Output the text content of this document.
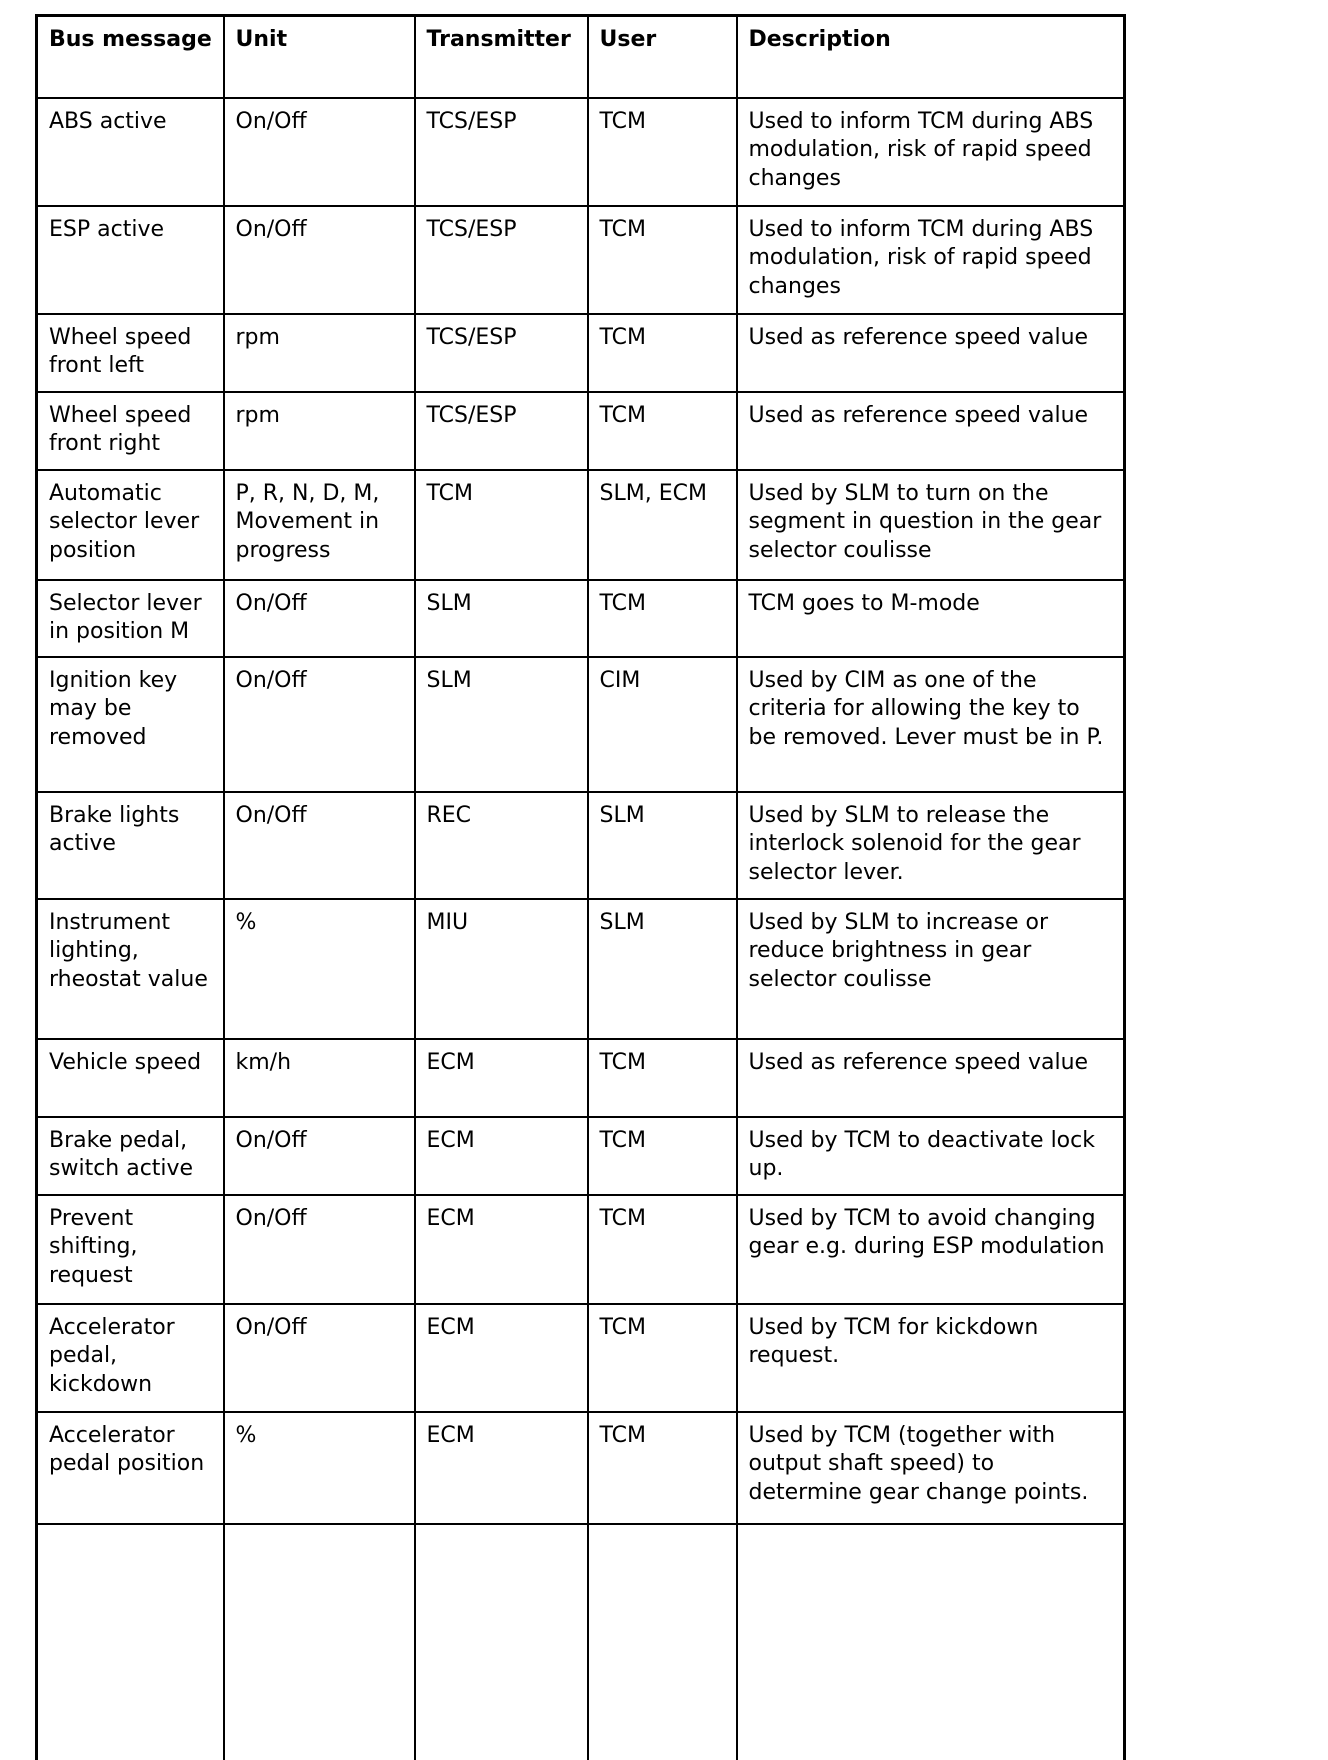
Bus message	Unit	Transmitter	User	Description
ABS active	On/Off	TCS/ESP	TCM	Used to inform TCM during ABS modulation, risk of rapid speed changes
ESP active	On/Off	TCS/ESP	TCM	Used to inform TCM during ABS modulation, risk of rapid speed changes
Wheel speed front left	rpm	TCS/ESP	TCM	Used as reference speed value
Wheel speed front right	rpm	TCS/ESP	TCM	Used as reference speed value
Automatic selector lever position	P, R, N, D, M, Movement in progress	TCM	SLM, ECM	Used by SLM to turn on the segment in question in the gear selector coulisse
Selector lever in position M	On/Off	SLM	TCM	TCM goes to M-mode
Ignition key may be removed	On/Off	SLM	CIM	Used by CIM as one of the criteria for allowing the key to be removed. Lever must be in P.
Brake lights active	On/Off	REC	SLM	Used by SLM to release the interlock solenoid for the gear selector lever.
Instrument lighting, rheostat value	%	MIU	SLM	Used by SLM to increase or reduce brightness in gear selector coulisse
Vehicle speed	km/h	ECM	TCM	Used as reference speed value
Brake pedal, switch active	On/Off	ECM	TCM	Used by TCM to deactivate lock up.
Prevent shifting, request	On/Off	ECM	TCM	Used by TCM to avoid changing gear e.g. during ESP modulation
Accelerator pedal, kickdown	On/Off	ECM	TCM	Used by TCM for kickdown request.
Accelerator pedal position	%	ECM	TCM	Used by TCM (together with output shaft speed) to determine gear change points.
